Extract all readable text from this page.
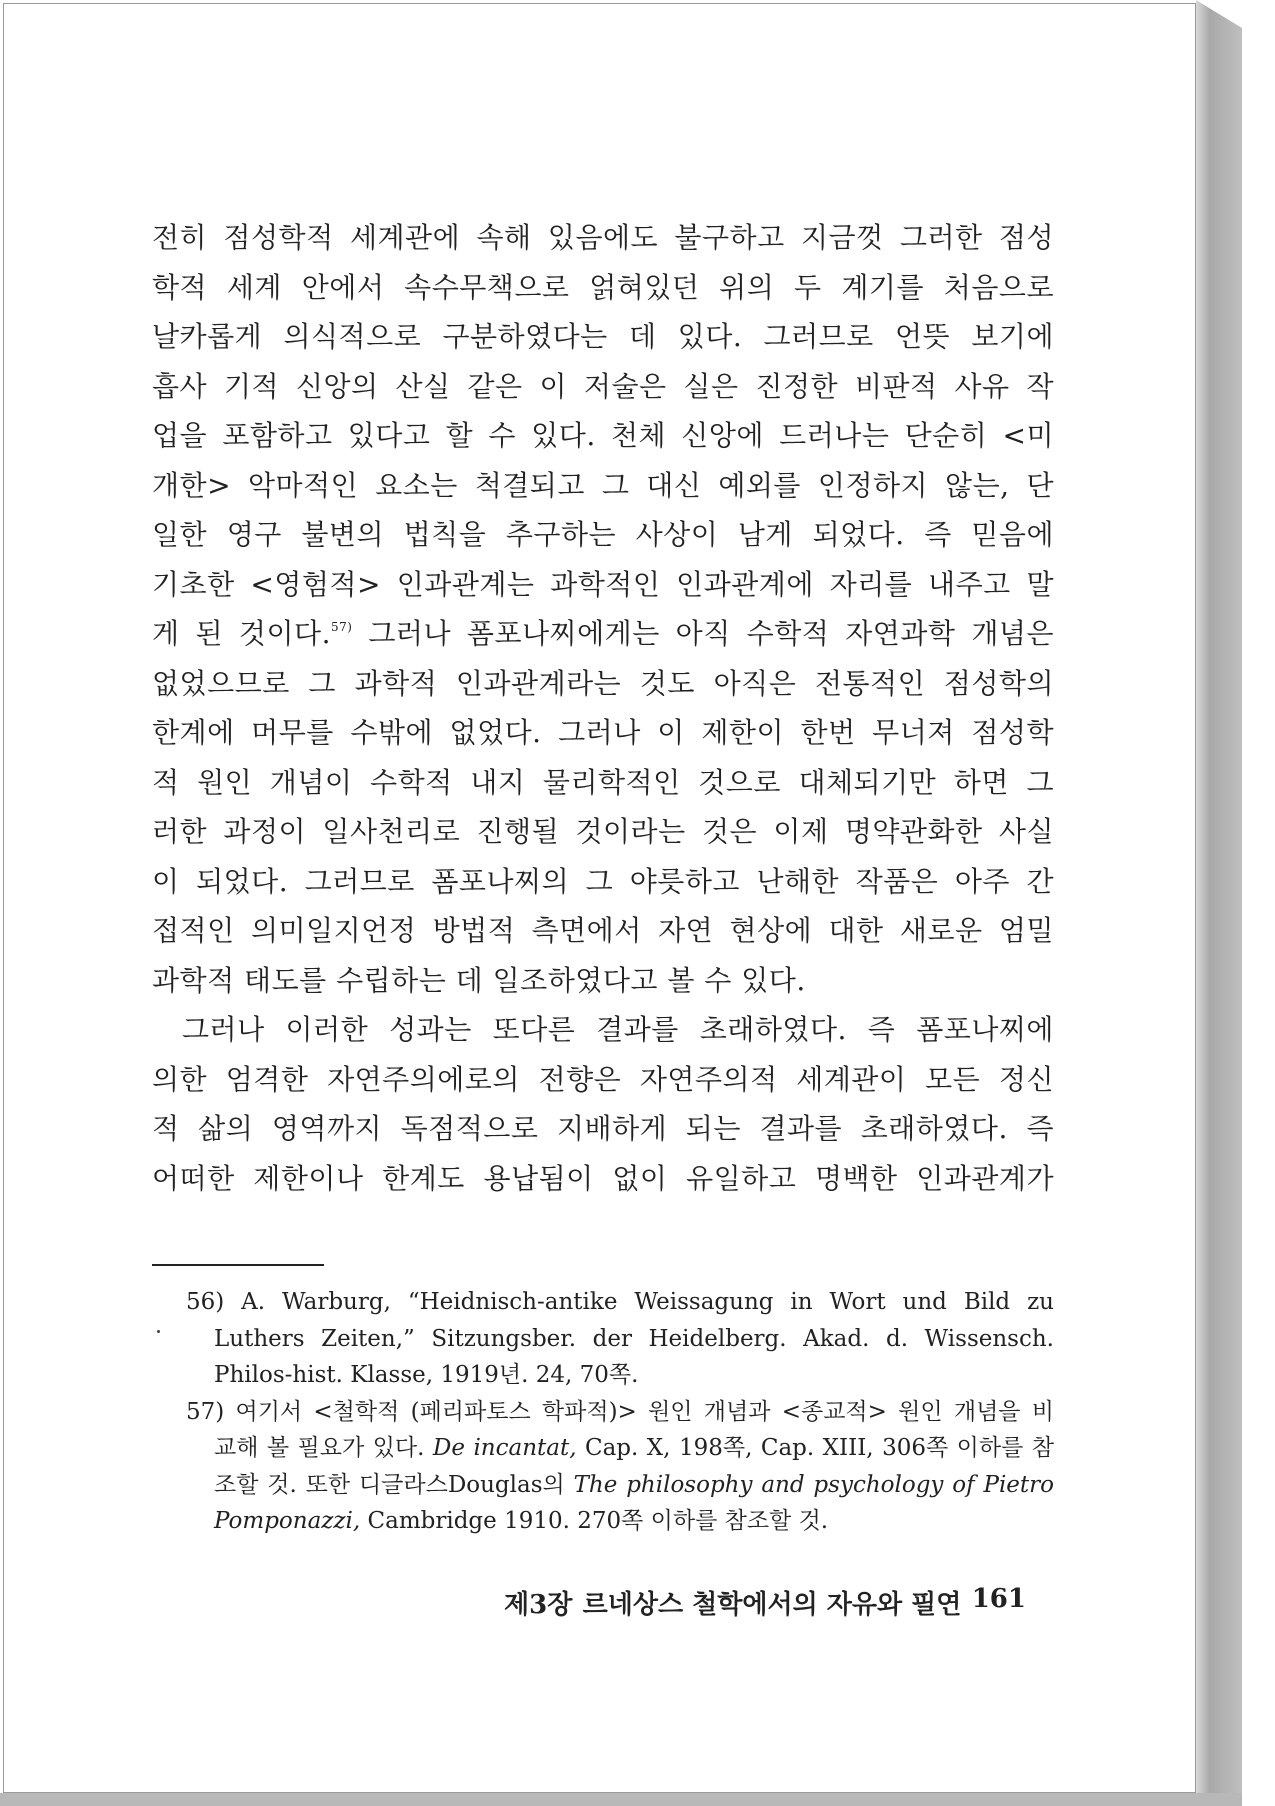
전히 점성학적 세계관에 속해 있음에도 불구하고 지금껏 그러한 점성
학적 세계 안에서 속수무책으로 얽혀있던 위의 두 계기를 처음으로
날카롭게 의식적으로 구분하였다는 데 있다. 그러므로 언뜻 보기에
흡사 기적 신앙의 산실 같은 이 저술은 실은 진정한 비판적 사유 작
업을 포함하고 있다고 할 수 있다. 천체 신앙에 드러나는 단순히 <미
개한> 악마적인 요소는 척결되고 그 대신 예외를 인정하지 않는, 단
일한 영구 불변의 법칙을 추구하는 사상이 남게 되었다. 즉 믿음에
기초한 <영험적> 인과관계는 과학적인 인과관계에 자리를 내주고 말
게 된 것이다.$^{57)}$ 그러나 폼포나찌에게는 아직 수학적 자연과학 개념은
없었으므로 그 과학적 인과관계라는 것도 아직은 전통적인 점성학의
한계에 머무를 수밖에 없었다. 그러나 이 제한이 한번 무너져 점성학
적 원인 개념이 수학적 내지 물리학적인 것으로 대체되기만 하면 그
러한 과정이 일사천리로 진행될 것이라는 것은 이제 명약관화한 사실
이 되었다. 그러므로 폼포나찌의 그 야릇하고 난해한 작품은 아주 간
접적인 의미일지언정 방법적 측면에서 자연 현상에 대한 새로운 엄밀
과학적 태도를 수립하는 데 일조하였다고 볼 수 있다.
그러나 이러한 성과는 또다른 결과를 초래하였다. 즉 폼포나찌에
의한 엄격한 자연주의에로의 전향은 자연주의적 세계관이 모든 정신
적 삶의 영역까지 독점적으로 지배하게 되는 결과를 초래하였다. 즉
어떠한 제한이나 한계도 용납됨이 없이 유일하고 명백한 인과관계가
56) A. Warburg, “Heidnisch-antike Weissagung in Wort und Bild zu
Luthers Zeiten,” Sitzungsber. der Heidelberg. Akad. d. Wissensch.
Philos-hist. Klasse, 1919년. 24, 70쪽.
57) 여기서 <철학적 (페리파토스 학파적)> 원인 개념과 <종교적> 원인 개념을 비
교해 볼 필요가 있다. De incantat, Cap. X, 198쪽, Cap. XIII, 306쪽 이하를 참
조할 것. 또한 디글라스Douglas의 The philosophy and psychology of Pietro
Pomponazzi, Cambridge 1910. 270쪽 이하를 참조할 것.
제3장 르네상스 철학에서의 자유와 필연 161
